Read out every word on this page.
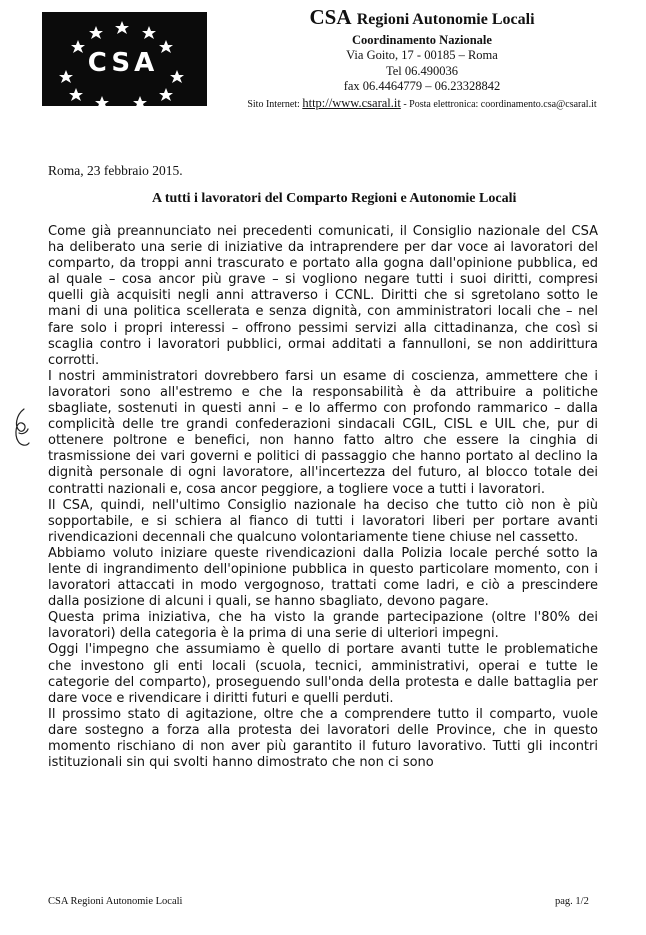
CSA
CSA Regioni Autonomie Locali
Coordinamento Nazionale
Via Goito, 17 - 00185 – Roma
Tel 06.490036
fax 06.4464779 – 06.23328842
Sito Internet: http://www.csaral.it - Posta elettronica: coordinamento.csa@csaral.it
Roma, 23 febbraio 2015.
A tutti i lavoratori del Comparto Regioni e Autonomie Locali

Come già preannunciato nei precedenti comunicati, il Consiglio nazionale del CSA ha deliberato una serie di iniziative da intraprendere per dar voce ai lavoratori del comparto, da troppi anni trascurato e portato alla gogna dall'opinione pubblica, ed al quale – cosa ancor più grave – si vogliono negare tutti i suoi diritti, compresi quelli già acquisiti negli anni attraverso i CCNL. Diritti che si sgretolano sotto le mani di una politica scellerata e senza dignità, con amministratori locali che – nel fare solo i propri interessi – offrono pessimi servizi alla cittadinanza, che così si scaglia contro i lavoratori pubblici, ormai additati a fannulloni, se non addirittura corrotti.

I nostri amministratori dovrebbero farsi un esame di coscienza, ammettere che i lavoratori sono all'estremo e che la responsabilità è da attribuire a politiche sbagliate, sostenuti in questi anni – e lo affermo con profondo rammarico – dalla complicità delle tre grandi confederazioni sindacali CGIL, CISL e UIL che, pur di ottenere poltrone e benefici, non hanno fatto altro che essere la cinghia di trasmissione dei vari governi e politici di passaggio che hanno portato al declino la dignità personale di ogni lavoratore, all'incertezza del futuro, al blocco totale dei contratti nazionali e, cosa ancor peggiore, a togliere voce a tutti i lavoratori.

Il CSA, quindi, nell'ultimo Consiglio nazionale ha deciso che tutto ciò non è più sopportabile, e si schiera al fianco di tutti i lavoratori liberi per portare avanti rivendicazioni decennali che qualcuno volontariamente tiene chiuse nel cassetto.

Abbiamo voluto iniziare queste rivendicazioni dalla Polizia locale perché sotto la lente di ingrandimento dell'opinione pubblica in questo particolare momento, con i lavoratori attaccati in modo vergognoso, trattati come ladri, e ciò a prescindere dalla posizione di alcuni i quali, se hanno sbagliato, devono pagare.

Questa prima iniziativa, che ha visto la grande partecipazione (oltre l'80% dei lavoratori) della categoria è la prima di una serie di ulteriori impegni.

Oggi l'impegno che assumiamo è quello di portare avanti tutte le problematiche che investono gli enti locali (scuola, tecnici, amministrativi, operai e tutte le categorie del comparto), proseguendo sull'onda della protesta e dalle battaglia per dare voce e rivendicare i diritti futuri e quelli perduti.

Il prossimo stato di agitazione, oltre che a comprendere tutto il comparto, vuole dare sostegno a forza alla protesta dei lavoratori delle Province, che in questo momento rischiano di non aver più garantito il futuro lavorativo. Tutti gli incontri istituzionali sin qui svolti hanno dimostrato che non ci sono

CSA Regioni Autonomie Locali	pag. 1/2
